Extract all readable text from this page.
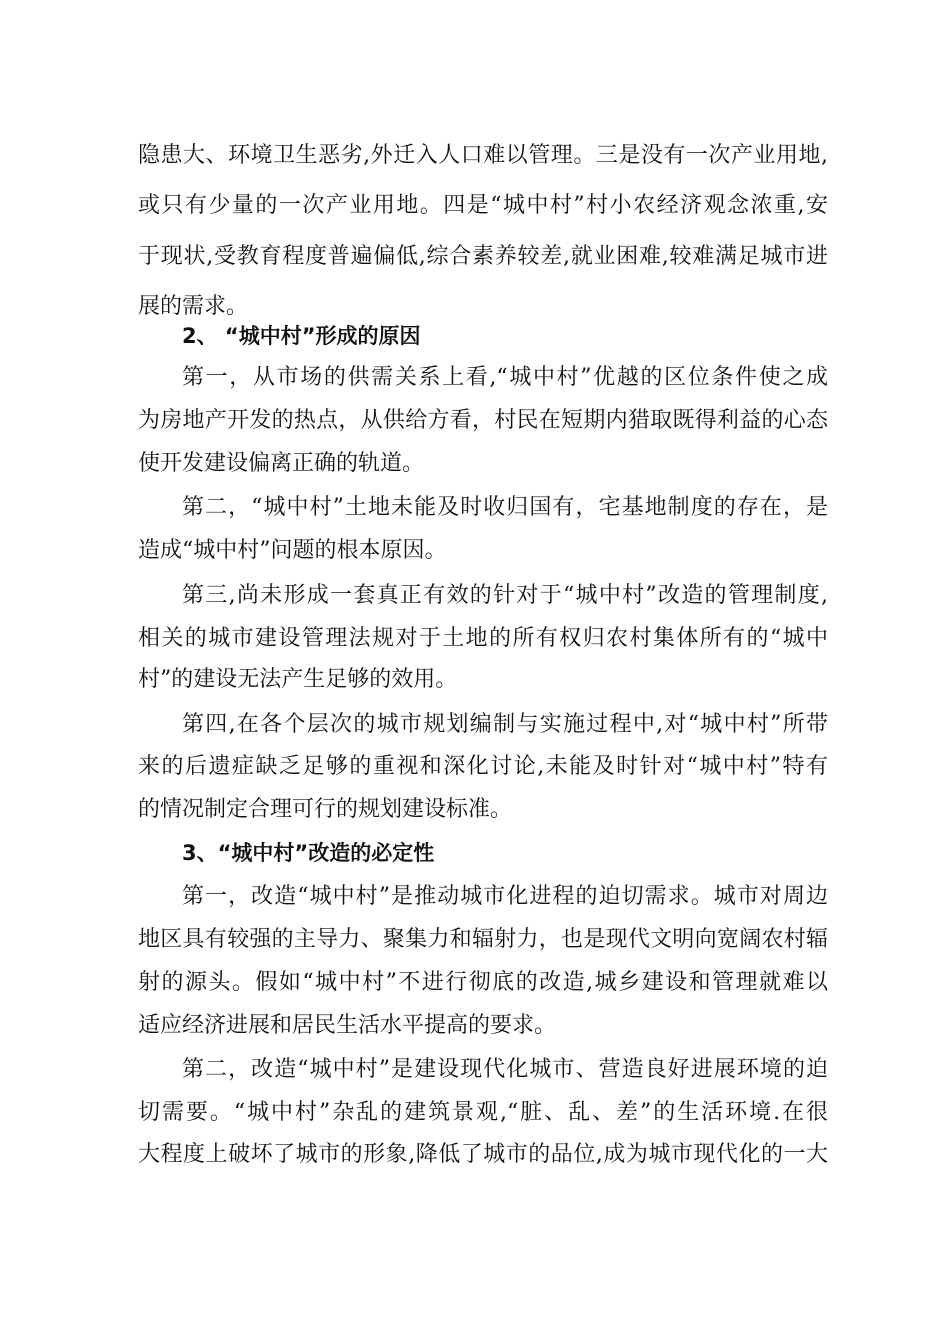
隐患大、环境卫生恶劣,外迁入人口难以管理。三是没有一次产业用地,
或只有少量的一次产业用地。四是“城中村”村小农经济观念浓重,安
于现状,受教育程度普遍偏低,综合素养较差,就业困难,较难满足城市进
展的需求。
2、 “城中村”形成的原因
第一，从市场的供需关系上看,“城中村”优越的区位条件使之成
为房地产开发的热点，从供给方看，村民在短期内猎取既得利益的心态
使开发建设偏离正确的轨道。
第二，“城中村”土地未能及时收归国有，宅基地制度的存在，是
造成“城中村”问题的根本原因。
第三,尚未形成一套真正有效的针对于“城中村”改造的管理制度,
相关的城市建设管理法规对于土地的所有权归农村集体所有的“城中
村”的建设无法产生足够的效用。
第四,在各个层次的城市规划编制与实施过程中,对“城中村”所带
来的后遗症缺乏足够的重视和深化讨论,未能及时针对“城中村”特有
的情况制定合理可行的规划建设标准。
3、“城中村”改造的必定性
第一，改造“城中村”是推动城市化进程的迫切需求。城市对周边
地区具有较强的主导力、聚集力和辐射力，也是现代文明向宽阔农村辐
射的源头。假如“城中村”不进行彻底的改造,城乡建设和管理就难以
适应经济进展和居民生活水平提高的要求。
第二，改造“城中村”是建设现代化城市、营造良好进展环境的迫
切需要。“城中村”杂乱的建筑景观,“脏、乱、差”的生活环境.在很
大程度上破坏了城市的形象,降低了城市的品位,成为城市现代化的一大
